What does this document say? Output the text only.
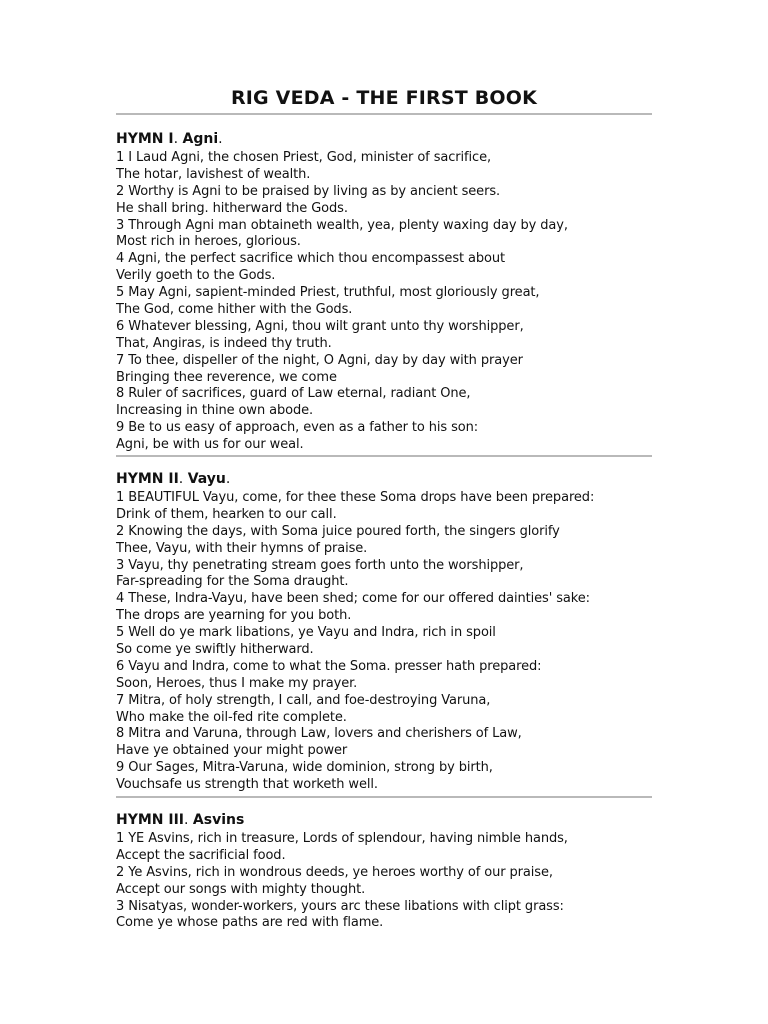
RIG VEDA - THE FIRST BOOK
HYMN I. Agni.
1 I Laud Agni, the chosen Priest, God, minister of sacrifice,
The hotar, lavishest of wealth.
2 Worthy is Agni to be praised by living as by ancient seers.
He shall bring. hitherward the Gods.
3 Through Agni man obtaineth wealth, yea, plenty waxing day by day,
Most rich in heroes, glorious.
4 Agni, the perfect sacrifice which thou encompassest about
Verily goeth to the Gods.
5 May Agni, sapient-minded Priest, truthful, most gloriously great,
The God, come hither with the Gods.
6 Whatever blessing, Agni, thou wilt grant unto thy worshipper,
That, Angiras, is indeed thy truth.
7 To thee, dispeller of the night, O Agni, day by day with prayer
Bringing thee reverence, we come
8 Ruler of sacrifices, guard of Law eternal, radiant One,
Increasing in thine own abode.
9 Be to us easy of approach, even as a father to his son:
Agni, be with us for our weal.
HYMN II. Vayu.
1 BEAUTIFUL Vayu, come, for thee these Soma drops have been prepared:
Drink of them, hearken to our call.
2 Knowing the days, with Soma juice poured forth, the singers glorify
Thee, Vayu, with their hymns of praise.
3 Vayu, thy penetrating stream goes forth unto the worshipper,
Far-spreading for the Soma draught.
4 These, Indra-Vayu, have been shed; come for our offered dainties' sake:
The drops are yearning for you both.
5 Well do ye mark libations, ye Vayu and Indra, rich in spoil
So come ye swiftly hitherward.
6 Vayu and Indra, come to what the Soma. presser hath prepared:
Soon, Heroes, thus I make my prayer.
7 Mitra, of holy strength, I call, and foe-destroying Varuna,
Who make the oil-fed rite complete.
8 Mitra and Varuna, through Law, lovers and cherishers of Law,
Have ye obtained your might power
9 Our Sages, Mitra-Varuna, wide dominion, strong by birth,
Vouchsafe us strength that worketh well.
HYMN III. Asvins
1 YE Asvins, rich in treasure, Lords of splendour, having nimble hands,
Accept the sacrificial food.
2 Ye Asvins, rich in wondrous deeds, ye heroes worthy of our praise,
Accept our songs with mighty thought.
3 Nisatyas, wonder-workers, yours arc these libations with clipt grass:
Come ye whose paths are red with flame.
